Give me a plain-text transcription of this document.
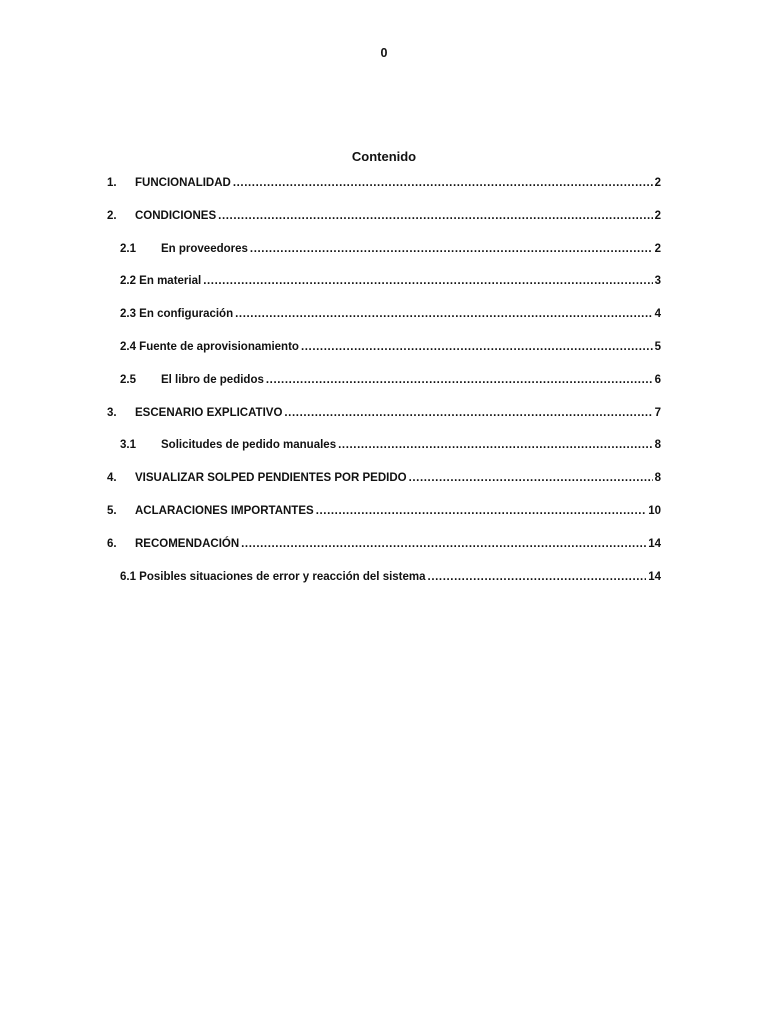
0
Contenido
1.	FUNCIONALIDAD .....	2
2.	CONDICIONES .....	2
2.1	En proveedores .....	2
2.2 En material .....	3
2.3 En configuración .....	4
2.4 Fuente de aprovisionamiento .....	5
2.5	El libro de pedidos .....	6
3.	ESCENARIO EXPLICATIVO .....	7
3.1	Solicitudes de pedido manuales .....	8
4.	VISUALIZAR SOLPED PENDIENTES POR PEDIDO .....	8
5.	ACLARACIONES IMPORTANTES .....	10
6.	RECOMENDACIÓN .....	14
6.1 Posibles situaciones de error y reacción del sistema .....	14
